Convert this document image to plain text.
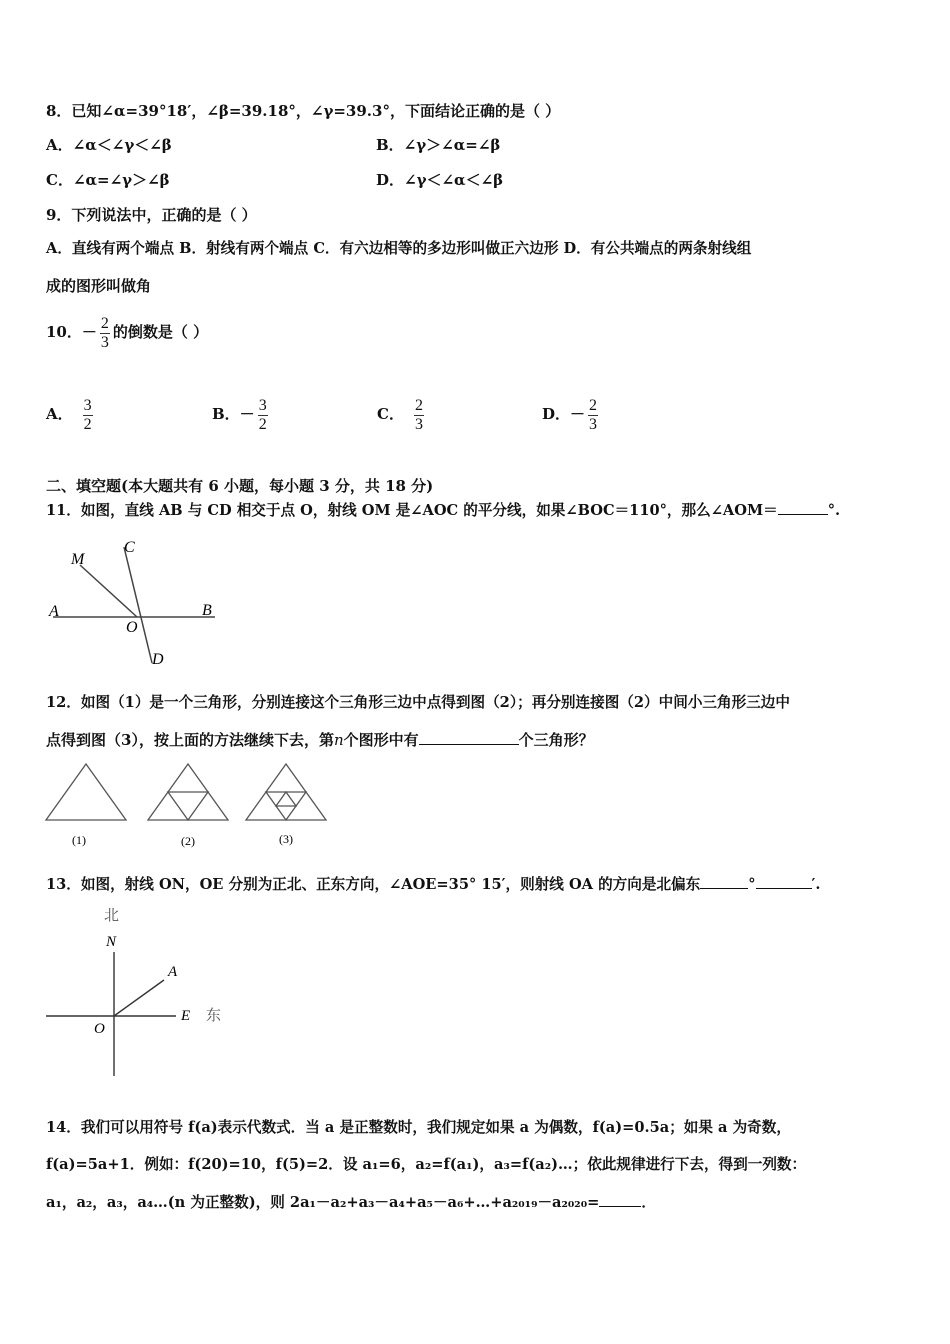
8．已知∠α=39°18′，∠β=39.18°，∠γ=39.3°，下面结论正确的是（ ）
A．∠α＜∠γ＜∠β	B．∠γ＞∠α=∠β
C．∠α=∠γ＞∠β	D．∠γ＜∠α＜∠β
9．下列说法中，正确的是（ ）
A．直线有两个端点 B．射线有两个端点 C．有六边相等的多边形叫做正六边形 D．有公共端点的两条射线组
成的图形叫做角
10．－ $\frac{2}{3}$ 的倒数是（ ）
A． $\frac{3}{2}$	B．－ $\frac{3}{2}$	C． $\frac{2}{3}$	D．－ $\frac{2}{3}$
二、填空题(本大题共有 6 小题，每小题 3 分，共 18 分)
11．如图，直线 AB 与 CD 相交于点 O，射线 OM 是∠AOC 的平分线，如果∠BOC＝110°，那么∠AOM＝	°.
M
C
A
O
B
D
12．如图（1）是一个三角形，分别连接这个三角形三边中点得到图（2）；再分别连接图（2）中间小三角形三边中
点得到图（3），按上面的方法继续下去，第n个图形中有	个三角形？
(1)	(2)	(3)
13．如图，射线 ON，OE 分别为正北、正东方向，∠AOE=35° 15′，则射线 OA 的方向是北偏东	°	′.
北
N
A
O
E 东
14．我们可以用符号 f(a)表示代数式．当 a 是正整数时，我们规定如果 a 为偶数，f(a)=0.5a；如果 a 为奇数，
f(a)=5a+1．例如：f(20)=10，f(5)=2．设 a₁=6，a₂=f(a₁)，a₃=f(a₂)…；依此规律进行下去，得到一列数：
a₁，a₂，a₃，a₄…(n 为正整数)，则 2a₁－a₂+a₃－a₄+a₅－a₆+…+a₂₀₁₉－a₂₀₂₀=	．
